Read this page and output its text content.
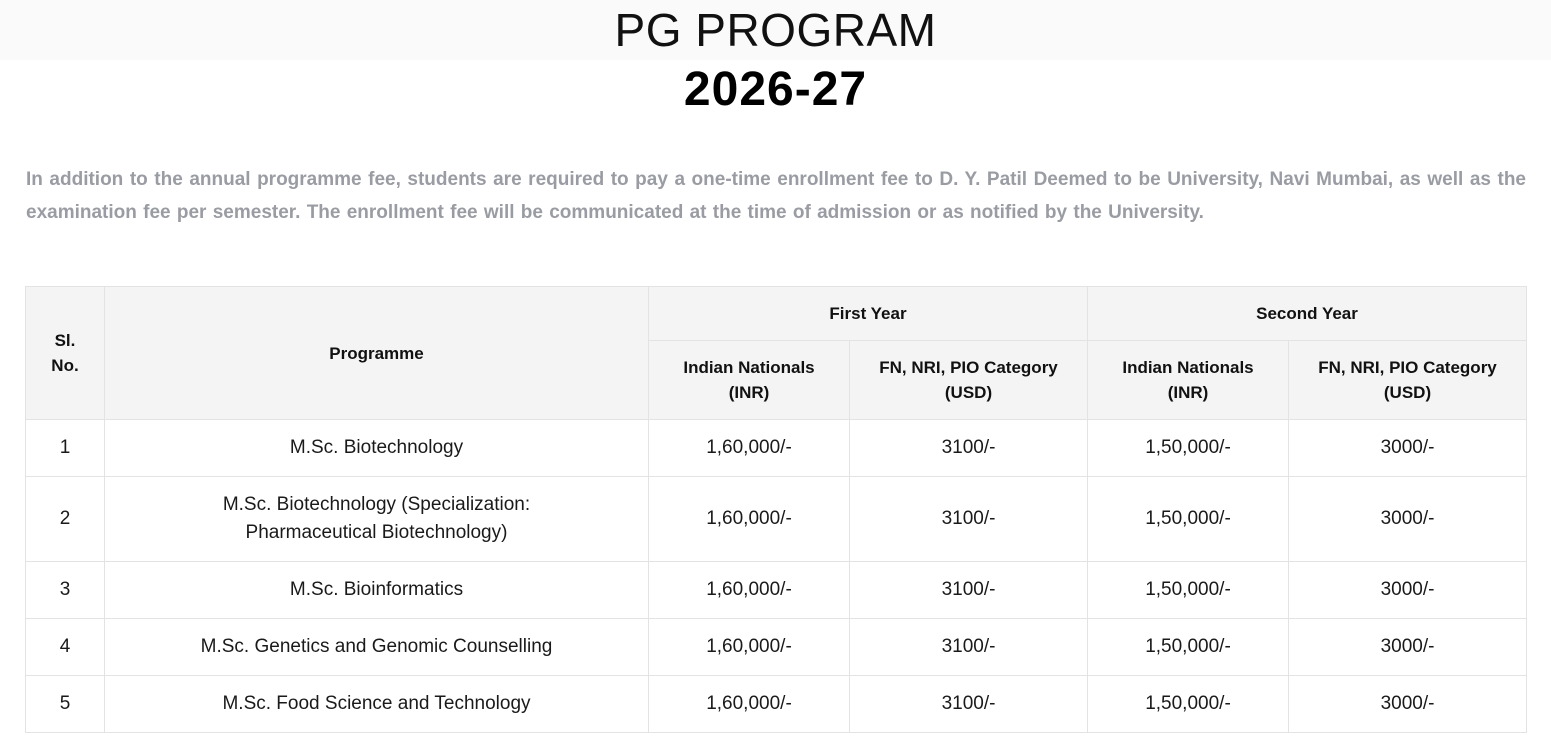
PG PROGRAM
2026-27

In addition to the annual programme fee, students are required to pay a one-time enrollment fee to D. Y. Patil Deemed to be University, Navi Mumbai, as well as the examination fee per semester. The enrollment fee will be communicated at the time of admission or as notified by the University.

Sl. No.	Programme	First Year		Second Year	
		Indian Nationals (INR)	FN, NRI, PIO Category (USD)	Indian Nationals (INR)	FN, NRI, PIO Category (USD)
1	M.Sc. Biotechnology	1,60,000/-	3100/-	1,50,000/-	3000/-
2	M.Sc. Biotechnology (Specialization: Pharmaceutical Biotechnology)	1,60,000/-	3100/-	1,50,000/-	3000/-
3	M.Sc. Bioinformatics	1,60,000/-	3100/-	1,50,000/-	3000/-
4	M.Sc. Genetics and Genomic Counselling	1,60,000/-	3100/-	1,50,000/-	3000/-
5	M.Sc. Food Science and Technology	1,60,000/-	3100/-	1,50,000/-	3000/-
